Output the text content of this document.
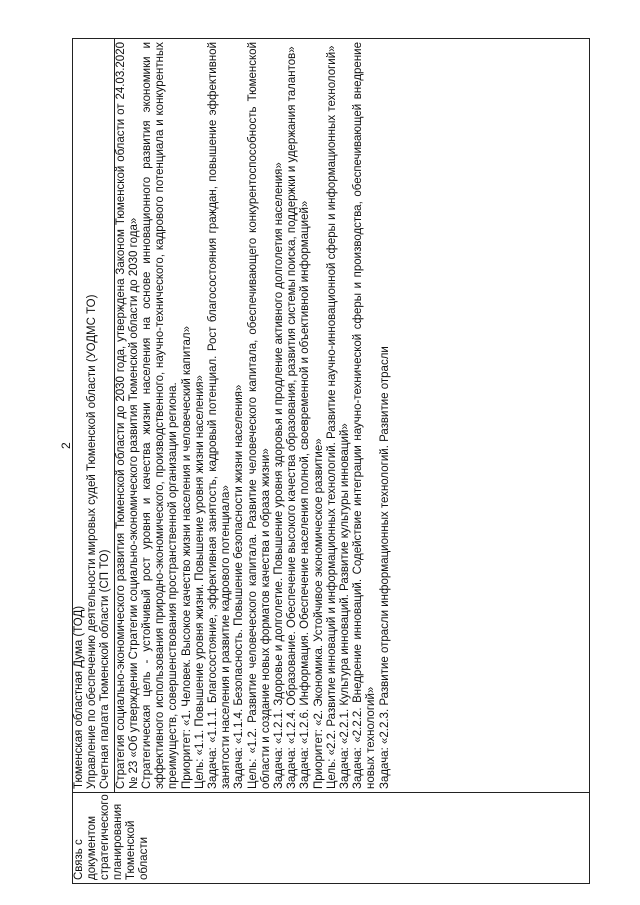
2
Связь с документом стратегического планирования Тюменской области	
Тюменская областная Дума (ТОД) Управление по обеспечению деятельности мировых судей Тюменской области (УОДМС ТО) Счетная палата Тюменской области (СП ТО) Стратегия социально-экономического развития Тюменской области до 2030 года, утверждена Законом Тюменской области от 24.03.2020 № 23 «Об утверждении Стратегии социально-экономического развития Тюменской области до 2030 года» Стратегическая цель - устойчивый рост уровня и качества жизни населения на основе инновационного развития экономики и эффективного использования природно-экономического, производственного, научно-технического, кадрового потенциала и конкурентных преимуществ, совершенствования пространственной организации региона. Приоритет: «1. Человек. Высокое качество жизни населения и человеческий капитал» Цель: «1.1. Повышение уровня жизни. Повышение уровня жизни населения» Задача: «1.1.1. Благосостояние, эффективная занятость, кадровый потенциал. Рост благосостояния граждан, повышение эффективной занятости населения и развитие кадрового потенциала» Задача: «1.1.4. Безопасность. Повышение безопасности жизни населения» Цель: «1.2. Развитие человеческого капитала. Развитие человеческого капитала, обеспечивающего конкурентоспособность Тюменской области и создание новых форматов качества и образа жизни» Задача: «1.2.1. Здоровье и долголетие. Повышение уровня здоровья и продление активного долголетия населения» Задача: «1.2.4. Образование. Обеспечение высокого качества образования, развития системы поиска, поддержки и удержания талантов» Задача: «1.2.6. Информация. Обеспечение населения полной, своевременной и объективной информацией» Приоритет: «2. Экономика. Устойчивое экономическое развитие» Цель: «2.2. Развитие инноваций и информационных технологий. Развитие научно-инновационной сферы и информационных технологий» Задача: «2.2.1. Культура инноваций. Развитие культуры инноваций» Задача: «2.2.2. Внедрение инноваций. Содействие интеграции научно-технической сферы и производства, обеспечивающей внедрение новых технологий» Задача: «2.2.3. Развитие отрасли информационных технологий. Развитие отрасли
